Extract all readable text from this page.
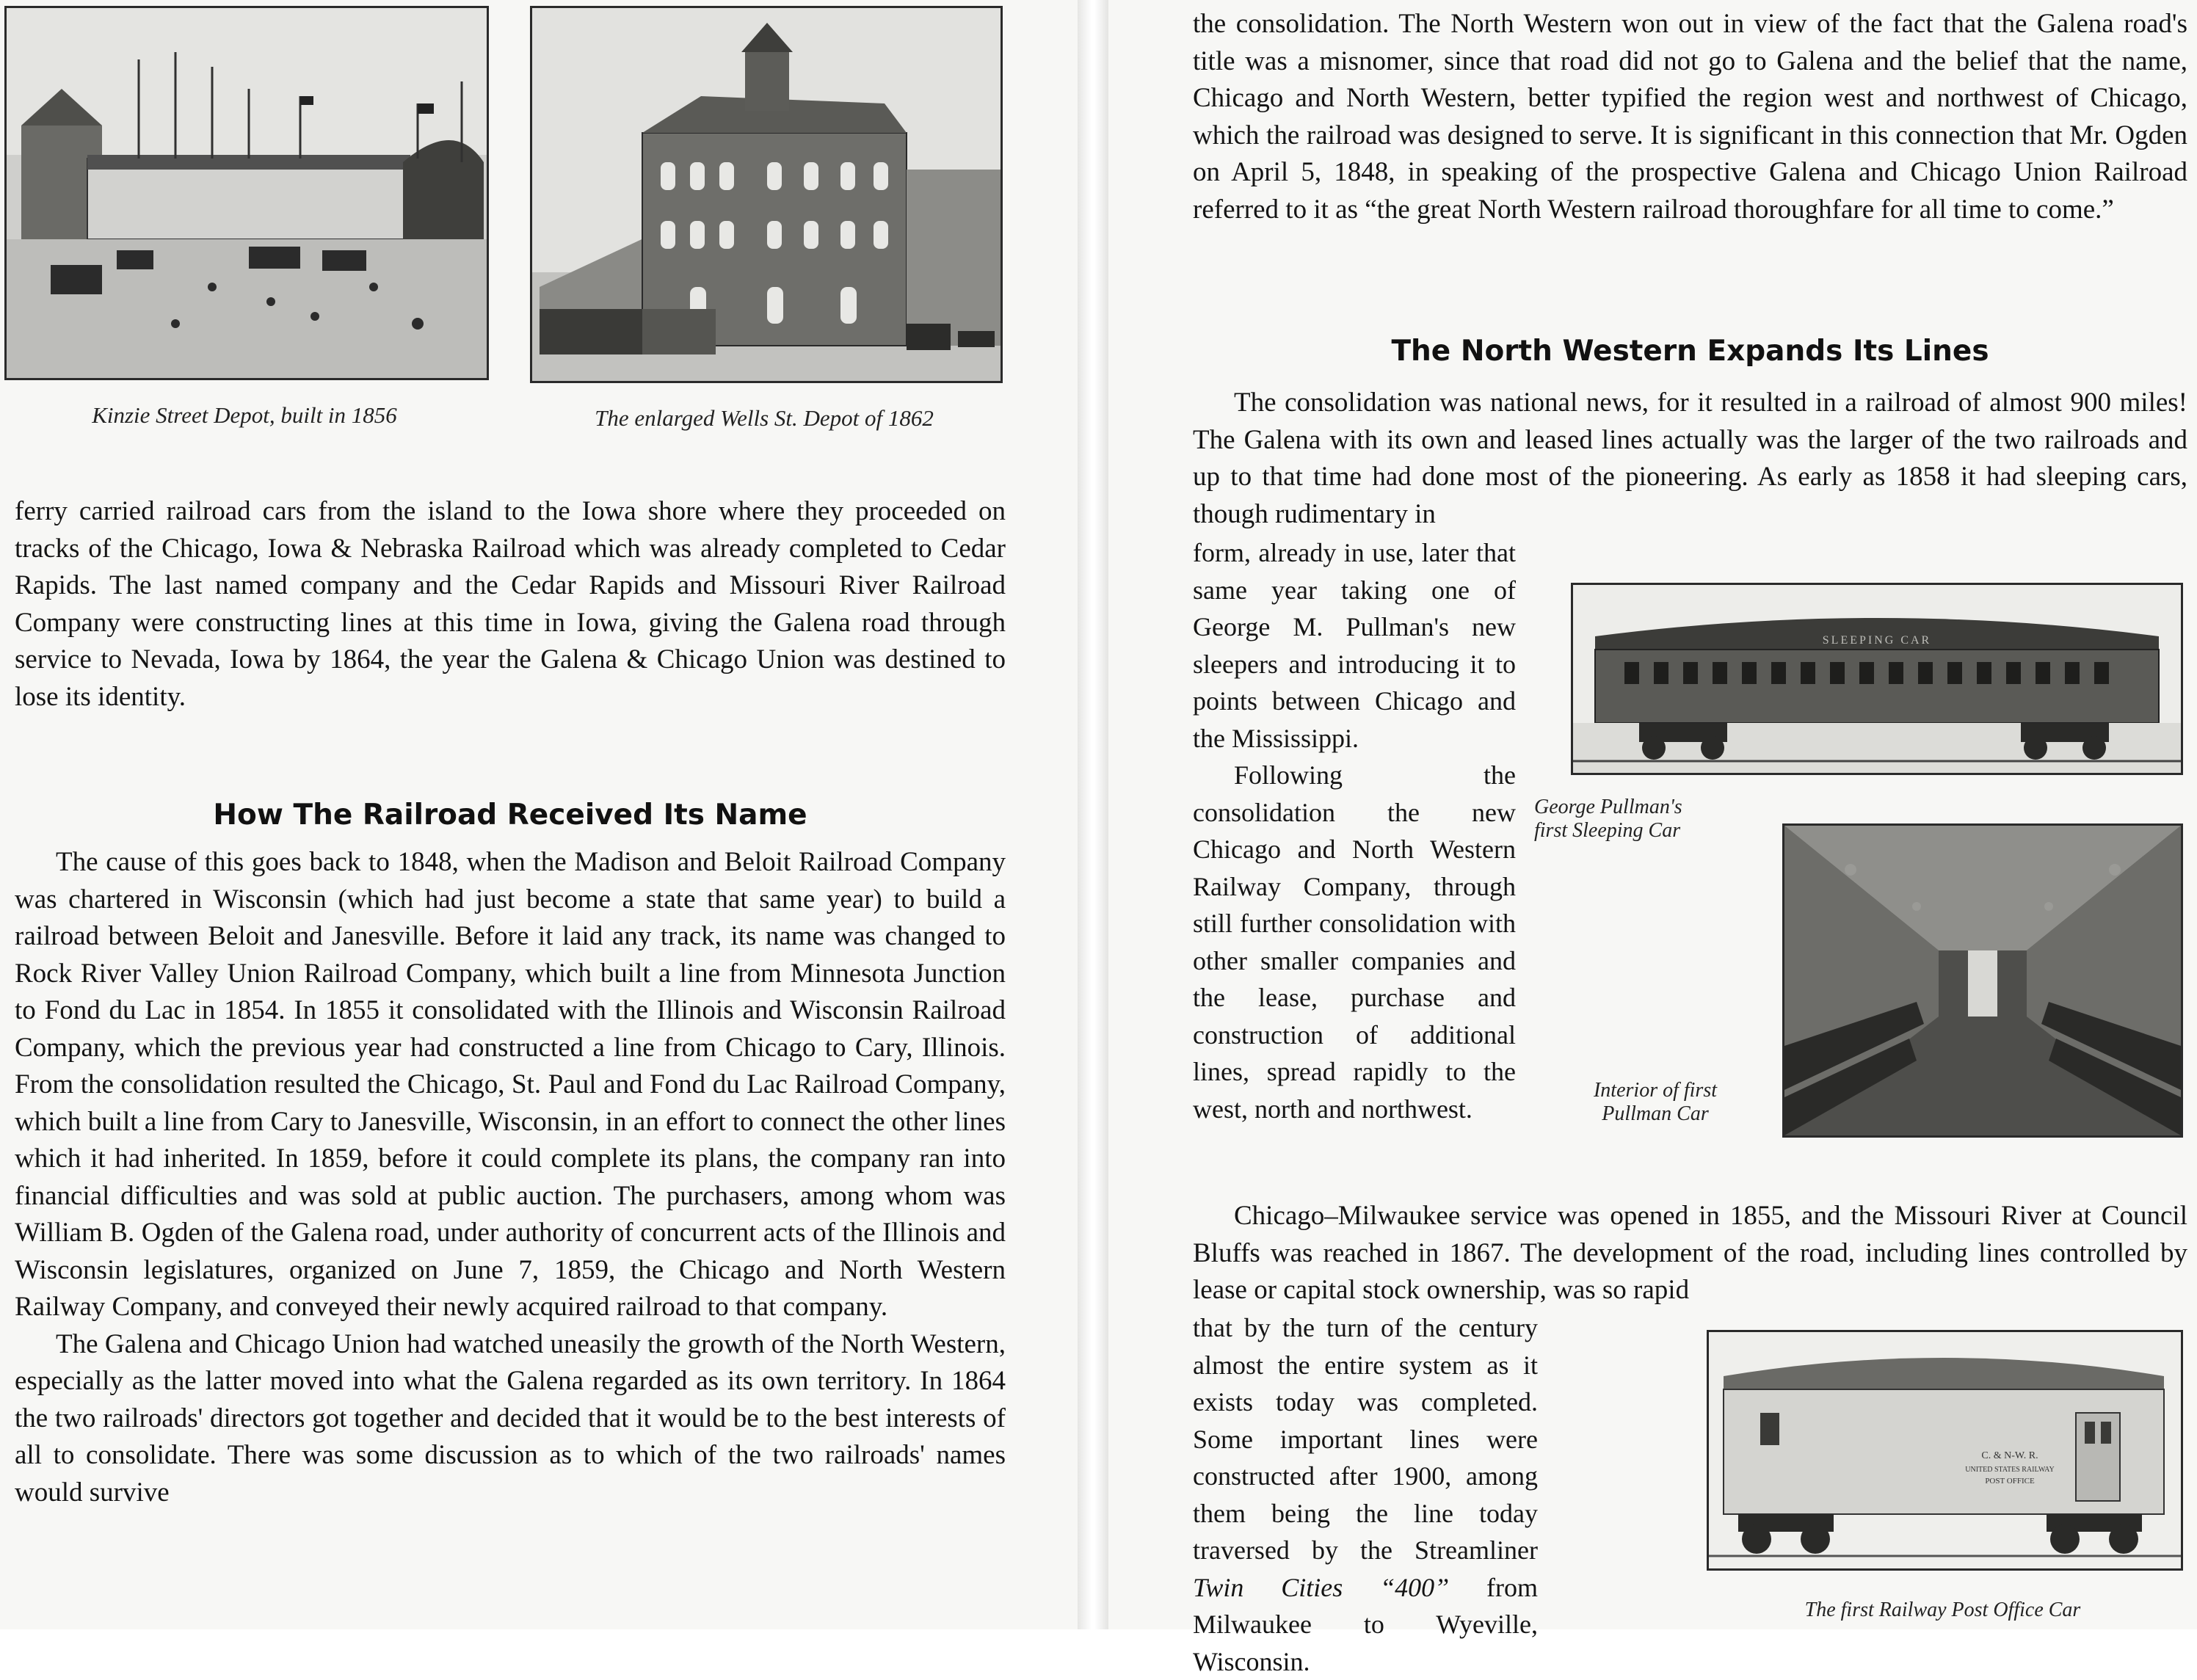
Kinzie Street Depot, built in 1856	The enlarged Wells St. Depot of 1862

ferry carried railroad cars from the island to the Iowa shore where they proceeded on tracks of the Chicago, Iowa & Nebraska Railroad which was already completed to Cedar Rapids. The last named company and the Cedar Rapids and Missouri River Railroad Company were constructing lines at this time in Iowa, giving the Galena road through service to Nevada, Iowa by 1864, the year the Galena & Chicago Union was destined to lose its identity.

How The Railroad Received Its Name

The cause of this goes back to 1848, when the Madison and Beloit Railroad Company was chartered in Wisconsin (which had just become a state that same year) to build a railroad between Beloit and Janesville. Before it laid any track, its name was changed to Rock River Valley Union Railroad Company, which built a line from Minnesota Junction to Fond du Lac in 1854. In 1855 it consolidated with the Illinois and Wisconsin Railroad Company, which the previous year had constructed a line from Chicago to Cary, Illinois. From the consolidation resulted the Chicago, St. Paul and Fond du Lac Railroad Company, which built a line from Cary to Janesville, Wisconsin, in an effort to connect the other lines which it had inherited. In 1859, before it could complete its plans, the company ran into financial difficulties and was sold at public auction. The purchasers, among whom was William B. Ogden of the Galena road, under authority of concurrent acts of the Illinois and Wisconsin legislatures, organized on June 7, 1859, the Chicago and North Western Railway Company, and conveyed their newly acquired railroad to that company.

The Galena and Chicago Union had watched uneasily the growth of the North Western, especially as the latter moved into what the Galena regarded as its own territory. In 1864 the two railroads' directors got together and decided that it would be to the best interests of all to consolidate. There was some discussion as to which of the two railroads' names would survive

the consolidation. The North Western won out in view of the fact that the Galena road's title was a misnomer, since that road did not go to Galena and the belief that the name, Chicago and North Western, better typified the region west and northwest of Chicago, which the railroad was designed to serve. It is significant in this connection that Mr. Ogden on April 5, 1848, in speaking of the prospective Galena and Chicago Union Railroad referred to it as “the great North Western railroad thoroughfare for all time to come.”

The North Western Expands Its Lines

The consolidation was national news, for it resulted in a railroad of almost 900 miles! The Galena with its own and leased lines actually was the larger of the two railroads and up to that time had done most of the pioneering. As early as 1858 it had sleeping cars, though rudimentary in

form, already in use, later that same year taking one of George M. Pullman's new sleepers and introducing it to points between Chicago and the Mississippi.

Following the consolidation the new Chicago and North Western Railway Company, through still further consolidation with other smaller companies and the lease, purchase and construction of additional lines, spread rapidly to the west, north and northwest.

SLEEPING CAR
George Pullman's first Sleeping Car
Interior of first Pullman Car

Chicago–Milwaukee service was opened in 1855, and the Missouri River at Council Bluffs was reached in 1867. The development of the road, including lines controlled by lease or capital stock ownership, was so rapid

that by the turn of the century almost the entire system as it exists today was completed. Some important lines were constructed after 1900, among them being the line today traversed by the Streamliner Twin Cities “400” from Milwaukee to Wyeville, Wisconsin.

C. & N-W. R.
UNITED STATES RAILWAY
POST OFFICE
The first Railway Post Office Car
